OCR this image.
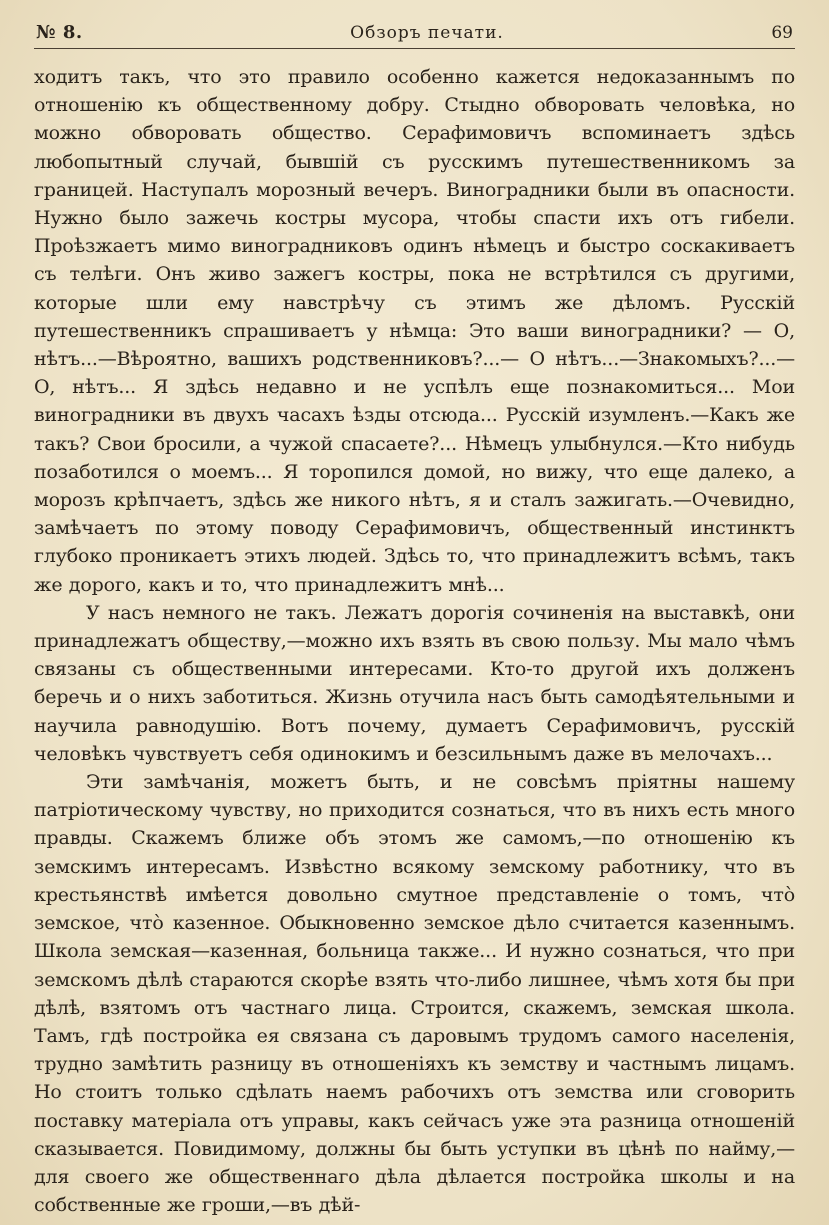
№ 8.	Обзоръ печати.	69

ходитъ такъ, что это правило особенно кажется недоказаннымъ по отношенію къ общественному добру. Стыдно обворовать человѣка, но можно обворовать общество. Серафимовичъ вспоминаетъ здѣсь любопытный случай, бывшій съ русскимъ путешественникомъ за границей. Наступалъ морозный вечеръ. Виноградники были въ опасности. Нужно было зажечь костры мусора, чтобы спасти ихъ отъ гибели. Проѣзжаетъ мимо виноградниковъ одинъ нѣмецъ и быстро соскакиваетъ съ телѣги. Онъ живо зажегъ костры, пока не встрѣтился съ другими, которые шли ему навстрѣчу съ этимъ же дѣломъ. Русскій путешественникъ спрашиваетъ у нѣмца: Это ваши виноградники? — О, нѣтъ...—Вѣроятно, вашихъ родственниковъ?...— О нѣтъ...—Знакомыхъ?...— О, нѣтъ... Я здѣсь недавно и не успѣлъ еще познакомиться... Мои виноградники въ двухъ часахъ ѣзды отсюда... Русскій изумленъ.—Какъ же такъ? Свои бросили, а чужой спасаете?... Нѣмецъ улыбнулся.—Кто нибудь позаботился о моемъ... Я торопился домой, но вижу, что еще далеко, а морозъ крѣпчаетъ, здѣсь же никого нѣтъ, я и сталъ зажигать.—Очевидно, замѣчаетъ по этому поводу Серафимовичъ, общественный инстинктъ глубоко проникаетъ этихъ людей. Здѣсь то, что принадлежитъ всѣмъ, такъ же дорого, какъ и то, что принадлежитъ мнѣ...

У насъ немного не такъ. Лежатъ дорогія сочиненія на выставкѣ, они принадлежатъ обществу,—можно ихъ взять въ свою пользу. Мы мало чѣмъ связаны съ общественными интересами. Кто-то другой ихъ долженъ беречь и о нихъ заботиться. Жизнь отучила насъ быть самодѣятельными и научила равнодушію. Вотъ почему, думаетъ Серафимовичъ, русскій человѣкъ чувствуетъ себя одинокимъ и безсильнымъ даже въ мелочахъ...

Эти замѣчанія, можетъ быть, и не совсѣмъ пріятны нашему патріотическому чувству, но приходится сознаться, что въ нихъ есть много правды. Скажемъ ближе объ этомъ же самомъ,—по отношенію къ земскимъ интересамъ. Извѣстно всякому земскому работнику, что въ крестьянствѣ имѣется довольно смутное представленіе о томъ, что̀ земское, что̀ казенное. Обыкновенно земское дѣло считается казеннымъ. Школа земская—казенная, больница также... И нужно сознаться, что при земскомъ дѣлѣ стараются скорѣе взять что-либо лишнее, чѣмъ хотя бы при дѣлѣ, взятомъ отъ частнаго лица. Строится, скажемъ, земская школа. Тамъ, гдѣ постройка ея связана съ даровымъ трудомъ самого населенія, трудно замѣтить разницу въ отношеніяхъ къ земству и частнымъ лицамъ. Но стоитъ только сдѣлать наемъ рабочихъ отъ земства или сговорить поставку матеріала отъ управы, какъ сейчасъ уже эта разница отношеній сказывается. Повидимому, должны бы быть уступки въ цѣнѣ по найму,—для своего же общественнаго дѣла дѣлается постройка школы и на собственные же гроши,—въ дѣй-
